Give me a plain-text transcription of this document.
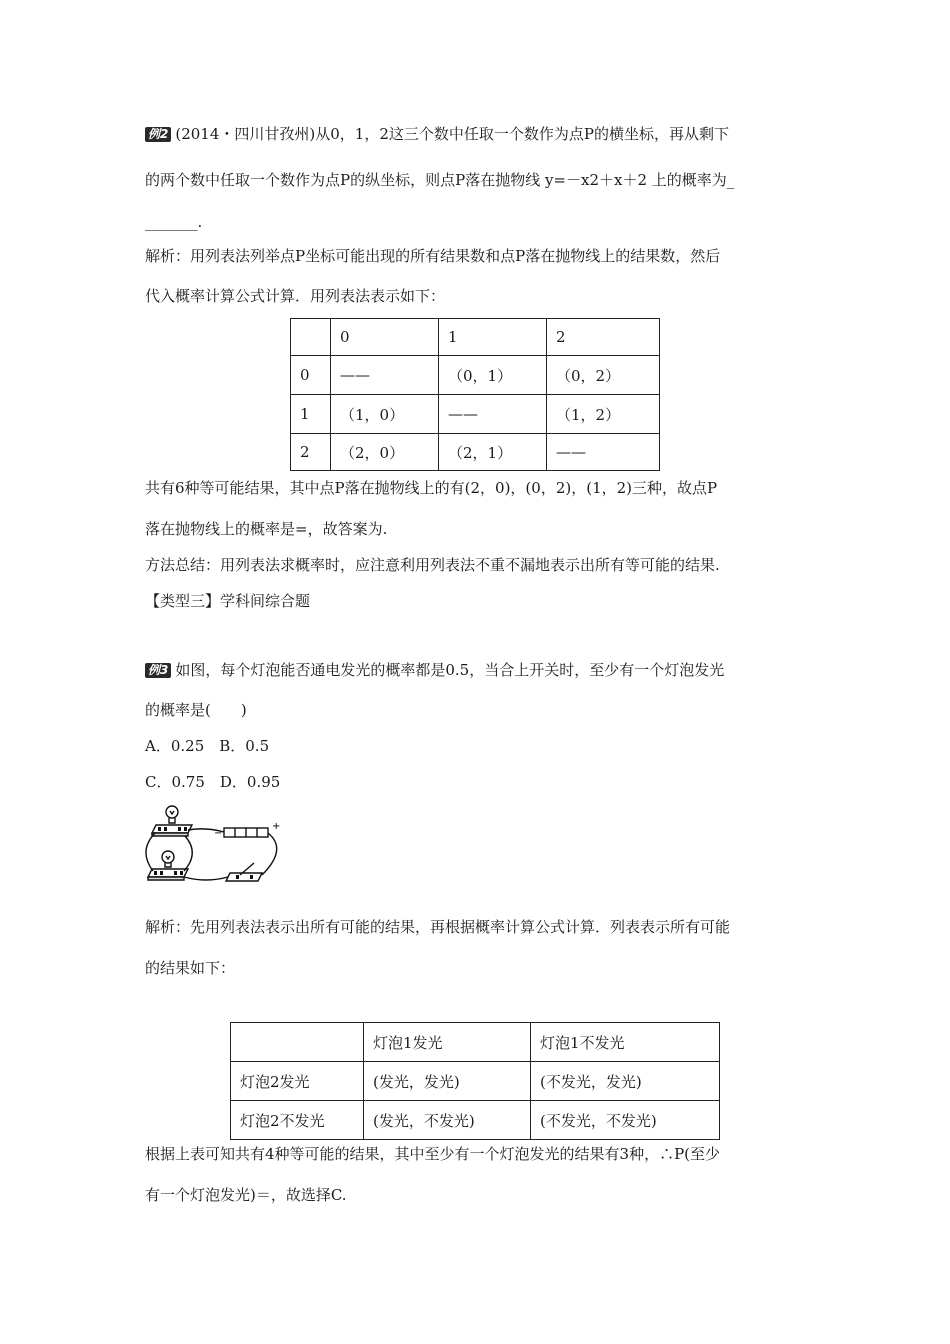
例2 (2014・四川甘孜州)从0，1，2这三个数中任取一个数作为点P的横坐标，再从剩下
的两个数中任取一个数作为点P的纵坐标，则点P落在抛物线 y=－x2＋x＋2 上的概率为_
_______.
解析：用列表法列举点P坐标可能出现的所有结果数和点P落在抛物线上的结果数，然后
代入概率计算公式计算．用列表法表示如下：
	0	1	2
0	——	（0，1）	（0，2）
1	（1，0）	——	（1，2）
2	（2，0）	（2，1）	——
共有6种等可能结果，其中点P落在抛物线上的有(2，0)，(0，2)，(1，2)三种，故点P
落在抛物线上的概率是=，故答案为.
方法总结：用列表法求概率时，应注意利用列表法不重不漏地表示出所有等可能的结果.
【类型三】学科间综合题
例3 如图，每个灯泡能否通电发光的概率都是0.5，当合上开关时，至少有一个灯泡发光
的概率是(　　)
A．0.25　B．0.5
C．0.75　D．0.95
−
+
解析：先用列表法表示出所有可能的结果，再根据概率计算公式计算．列表表示所有可能
的结果如下：
	灯泡1发光	灯泡1不发光
灯泡2发光	(发光，发光)	(不发光，发光)
灯泡2不发光	(发光，不发光)	(不发光，不发光)
根据上表可知共有4种等可能的结果，其中至少有一个灯泡发光的结果有3种，∴P(至少
有一个灯泡发光)＝，故选择C.
